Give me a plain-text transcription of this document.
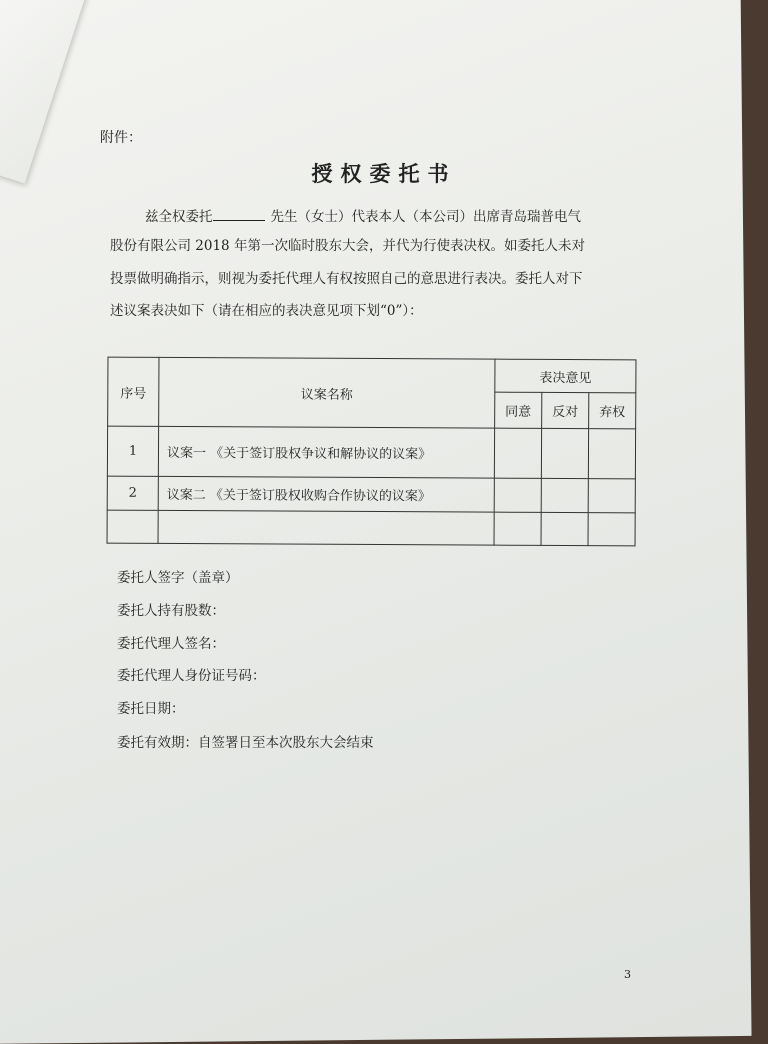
附件：
授权委托书
兹全权委托	先生（女士）代表本人（本公司）出席青岛瑞普电气
股份有限公司 2018 年第一次临时股东大会，并代为行使表决权。如委托人未对
投票做明确指示，则视为委托代理人有权按照自己的意思进行表决。委托人对下
述议案表决如下（请在相应的表决意见项下划“0”）：
序号	议案名称	表决意见		
		同意	反对	弃权
1	议案一 《关于签订股权争议和解协议的议案》			
2	议案二 《关于签订股权收购合作协议的议案》			

委托人签字（盖章）
委托人持有股数：
委托代理人签名：
委托代理人身份证号码：
委托日期：
委托有效期：自签署日至本次股东大会结束
3
